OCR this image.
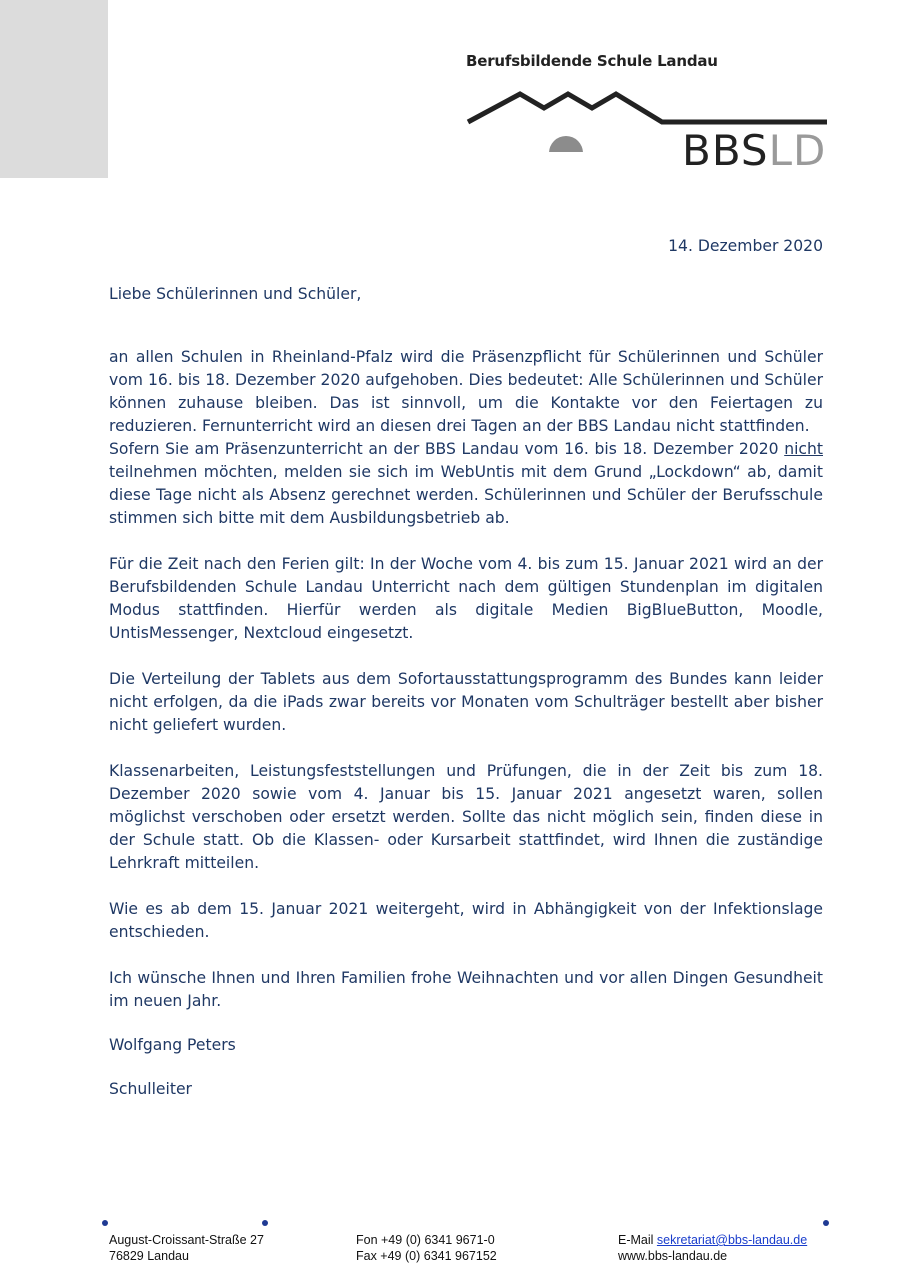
Berufsbildende Schule Landau
BBSLD
14. Dezember 2020
Liebe Schülerinnen und Schüler,

an allen Schulen in Rheinland-Pfalz wird die Präsenzpflicht für Schülerinnen und Schüler vom 16. bis 18. Dezember 2020 aufgehoben. Dies bedeutet: Alle Schülerinnen und Schüler können zuhause bleiben. Das ist sinnvoll, um die Kontakte vor den Feiertagen zu reduzieren. Fernunterricht wird an diesen drei Tagen an der BBS Landau nicht stattfinden.

Sofern Sie am Präsenzunterricht an der BBS Landau vom 16. bis 18. Dezember 2020 nicht teilnehmen möchten, melden sie sich im WebUntis mit dem Grund „Lockdown“ ab, damit diese Tage nicht als Absenz gerechnet werden. Schülerinnen und Schüler der Berufsschule stimmen sich bitte mit dem Ausbildungsbetrieb ab.

Für die Zeit nach den Ferien gilt: In der Woche vom 4. bis zum 15. Januar 2021 wird an der Berufsbildenden Schule Landau Unterricht nach dem gültigen Stundenplan im digitalen Modus stattfinden. Hierfür werden als digitale Medien BigBlueButton, Moodle, UntisMessenger, Nextcloud eingesetzt.

Die Verteilung der Tablets aus dem Sofortausstattungsprogramm des Bundes kann leider nicht erfolgen, da die iPads zwar bereits vor Monaten vom Schulträger bestellt aber bisher nicht geliefert wurden.

Klassenarbeiten, Leistungsfeststellungen und Prüfungen, die in der Zeit bis zum 18. Dezember 2020 sowie vom 4. Januar bis 15. Januar 2021 angesetzt waren, sollen möglichst verschoben oder ersetzt werden. Sollte das nicht möglich sein, finden diese in der Schule statt. Ob die Klassen- oder Kursarbeit stattfindet, wird Ihnen die zuständige Lehrkraft mitteilen.

Wie es ab dem 15. Januar 2021 weitergeht, wird in Abhängigkeit von der Infektionslage entschieden.

Ich wünsche Ihnen und Ihren Familien frohe Weihnachten und vor allen Dingen Gesundheit im neuen Jahr.

Wolfgang Peters
Schulleiter
August-Croissant-Straße 27
76829 Landau
Fon +49 (0) 6341 9671-0
Fax +49 (0) 6341 967152
E-Mail sekretariat@bbs-landau.de
www.bbs-landau.de
